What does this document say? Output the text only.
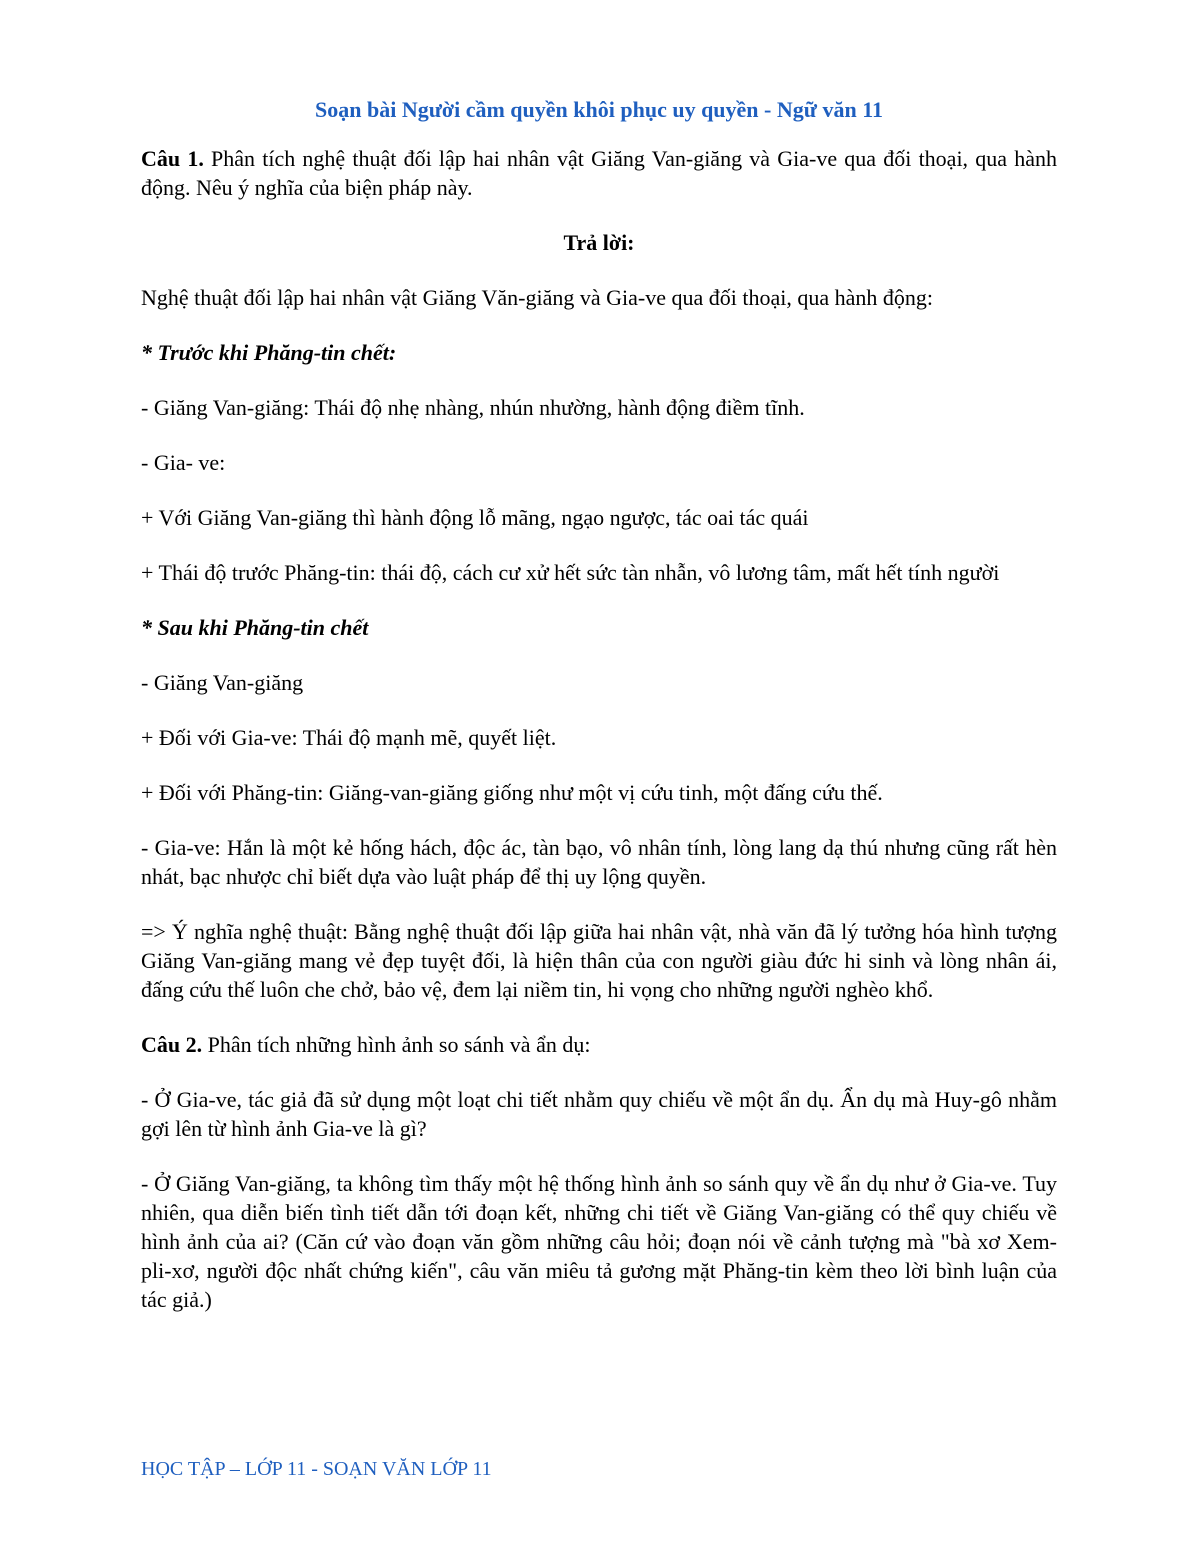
Soạn bài Người cầm quyền khôi phục uy quyền - Ngữ văn 11

Câu 1. Phân tích nghệ thuật đối lập hai nhân vật Giăng Van-giăng và Gia-ve qua đối thoại, qua hành động. Nêu ý nghĩa của biện pháp này.

Trả lời:

Nghệ thuật đối lập hai nhân vật Giăng Văn-giăng và Gia-ve qua đối thoại, qua hành động:

* Trước khi Phăng-tin chết:

- Giăng Van-giăng: Thái độ nhẹ nhàng, nhún nhường, hành động điềm tĩnh.

- Gia- ve:

+ Với Giăng Van-giăng thì hành động lỗ mãng, ngạo ngược, tác oai tác quái

+ Thái độ trước Phăng-tin: thái độ, cách cư xử hết sức tàn nhẫn, vô lương tâm, mất hết tính người

* Sau khi Phăng-tin chết

- Giăng Van-giăng

+ Đối với Gia-ve: Thái độ mạnh mẽ, quyết liệt.

+ Đối với Phăng-tin: Giăng-van-giăng giống như một vị cứu tinh, một đấng cứu thế.

- Gia-ve: Hắn là một kẻ hống hách, độc ác, tàn bạo, vô nhân tính, lòng lang dạ thú nhưng cũng rất hèn nhát, bạc nhược chỉ biết dựa vào luật pháp để thị uy lộng quyền.

=> Ý nghĩa nghệ thuật: Bằng nghệ thuật đối lập giữa hai nhân vật, nhà văn đã lý tưởng hóa hình tượng Giăng Van-giăng mang vẻ đẹp tuyệt đối, là hiện thân của con người giàu đức hi sinh và lòng nhân ái, đấng cứu thế luôn che chở, bảo vệ, đem lại niềm tin, hi vọng cho những người nghèo khổ.

Câu 2. Phân tích những hình ảnh so sánh và ẩn dụ:

- Ở Gia-ve, tác giả đã sử dụng một loạt chi tiết nhằm quy chiếu về một ẩn dụ. Ẩn dụ mà Huy-gô nhằm gợi lên từ hình ảnh Gia-ve là gì?

- Ở Giăng Van-giăng, ta không tìm thấy một hệ thống hình ảnh so sánh quy về ẩn dụ như ở Gia-ve. Tuy nhiên, qua diễn biến tình tiết dẫn tới đoạn kết, những chi tiết về Giăng Van-giăng có thể quy chiếu về hình ảnh của ai? (Căn cứ vào đoạn văn gồm những câu hỏi; đoạn nói về cảnh tượng mà "bà xơ Xem-pli-xơ, người độc nhất chứng kiến", câu văn miêu tả gương mặt Phăng-tin kèm theo lời bình luận của tác giả.)

HỌC TẬP – LỚP 11 - SOẠN VĂN LỚP 11
